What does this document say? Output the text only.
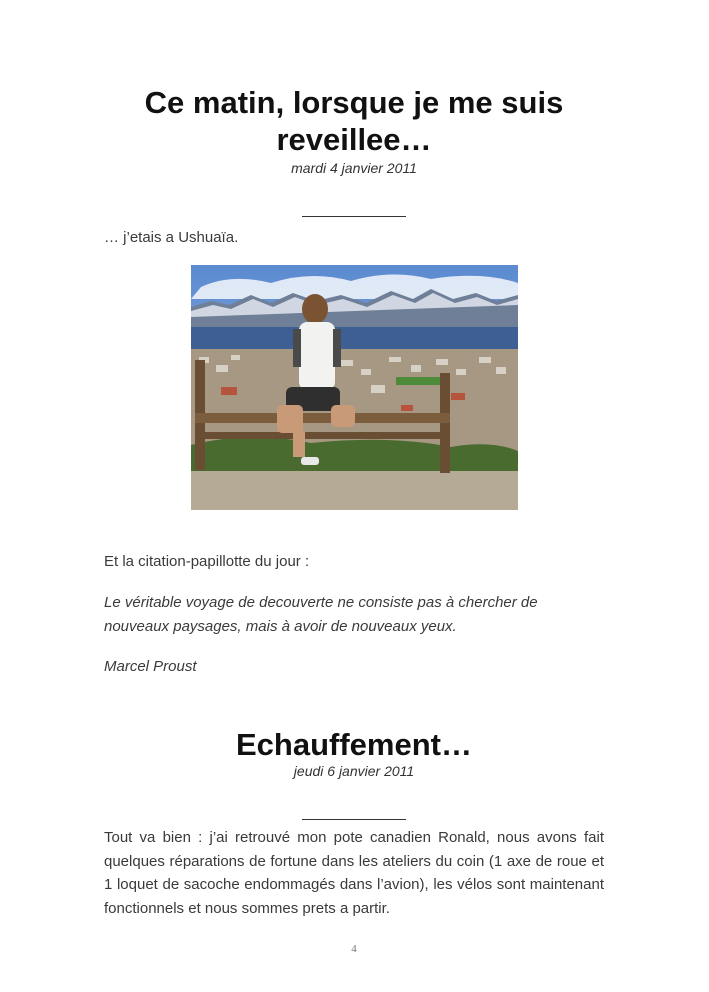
Ce matin, lorsque je me suis reveillee…
mardi 4 janvier 2011

… j’etais a Ushuaïa.

Et la citation-papillotte du jour :

Le véritable voyage de decouverte ne consiste pas à chercher de nouveaux paysages, mais à avoir de nouveaux yeux.

Marcel Proust

Echauffement…
jeudi 6 janvier 2011

Tout va bien : j’ai retrouvé mon pote canadien Ronald, nous avons fait quelques réparations de fortune dans les ateliers du coin (1 axe de roue et 1 loquet de sacoche endommagés dans l’avion), les vélos sont maintenant fonctionnels et nous sommes prets a partir.

4
